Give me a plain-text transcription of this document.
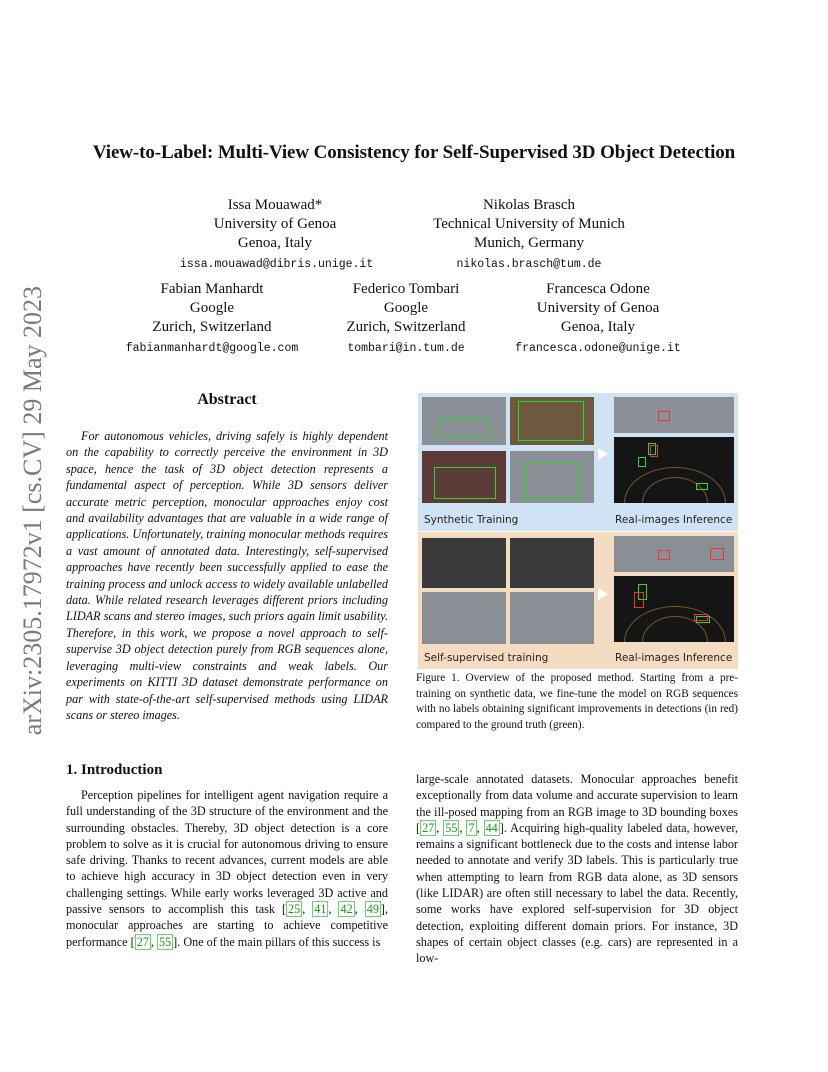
arXiv:2305.17972v1 [cs.CV] 29 May 2023
View-to-Label: Multi-View Consistency for Self-Supervised 3D Object Detection
Issa Mouawad*
University of Genoa
Genoa, Italy
issa.mouawad@dibris.unige.it
Nikolas Brasch
Technical University of Munich
Munich, Germany
nikolas.brasch@tum.de
Fabian Manhardt
Google
Zurich, Switzerland
fabianmanhardt@google.com
Federico Tombari
Google
Zurich, Switzerland
tombari@in.tum.de
Francesca Odone
University of Genoa
Genoa, Italy
francesca.odone@unige.it
Abstract
For autonomous vehicles, driving safely is highly dependent on the capability to correctly perceive the environment in 3D space, hence the task of 3D object detection represents a fundamental aspect of perception. While 3D sensors deliver accurate metric perception, monocular approaches enjoy cost and availability advantages that are valuable in a wide range of applications. Unfortunately, training monocular methods requires a vast amount of annotated data. Interestingly, self-supervised approaches have recently been successfully applied to ease the training process and unlock access to widely available unlabelled data. While related research leverages different priors including LIDAR scans and stereo images, such priors again limit usability. Therefore, in this work, we propose a novel approach to self-supervise 3D object detection purely from RGB sequences alone, leveraging multi-view constraints and weak labels. Our experiments on KITTI 3D dataset demonstrate performance on par with state-of-the-art self-supervised methods using LIDAR scans or stereo images.
Synthetic Training	Real-images Inference
Self-supervised training	Real-images Inference
Figure 1. Overview of the proposed method. Starting from a pre-training on synthetic data, we fine-tune the model on RGB sequences with no labels obtaining significant improvements in detections (in red) compared to the ground truth (green).
1. Introduction
Perception pipelines for intelligent agent navigation require a full understanding of the 3D structure of the environment and the surrounding obstacles. Thereby, 3D object detection is a core problem to solve as it is crucial for autonomous driving to ensure safe driving. Thanks to recent advances, current models are able to achieve high accuracy in 3D object detection even in very challenging settings. While early works leveraged 3D active and passive sensors to accomplish this task [ 25 , 41 , 42 , 49 ], monocular approaches are starting to achieve competitive performance [ 27 , 55 ]. One of the main pillars of this success is
large-scale annotated datasets. Monocular approaches benefit exceptionally from data volume and accurate supervision to learn the ill-posed mapping from an RGB image to 3D bounding boxes [ 27 , 55 , 7 , 44 ]. Acquiring high-quality labeled data, however, remains a significant bottleneck due to the costs and intense labor needed to annotate and verify 3D labels. This is particularly true when attempting to learn from RGB data alone, as 3D sensors (like LIDAR) are often still necessary to label the data. Recently, some works have explored self-supervision for 3D object detection, exploiting different domain priors. For instance, 3D shapes of certain object classes (e.g. cars) are represented in a low-
